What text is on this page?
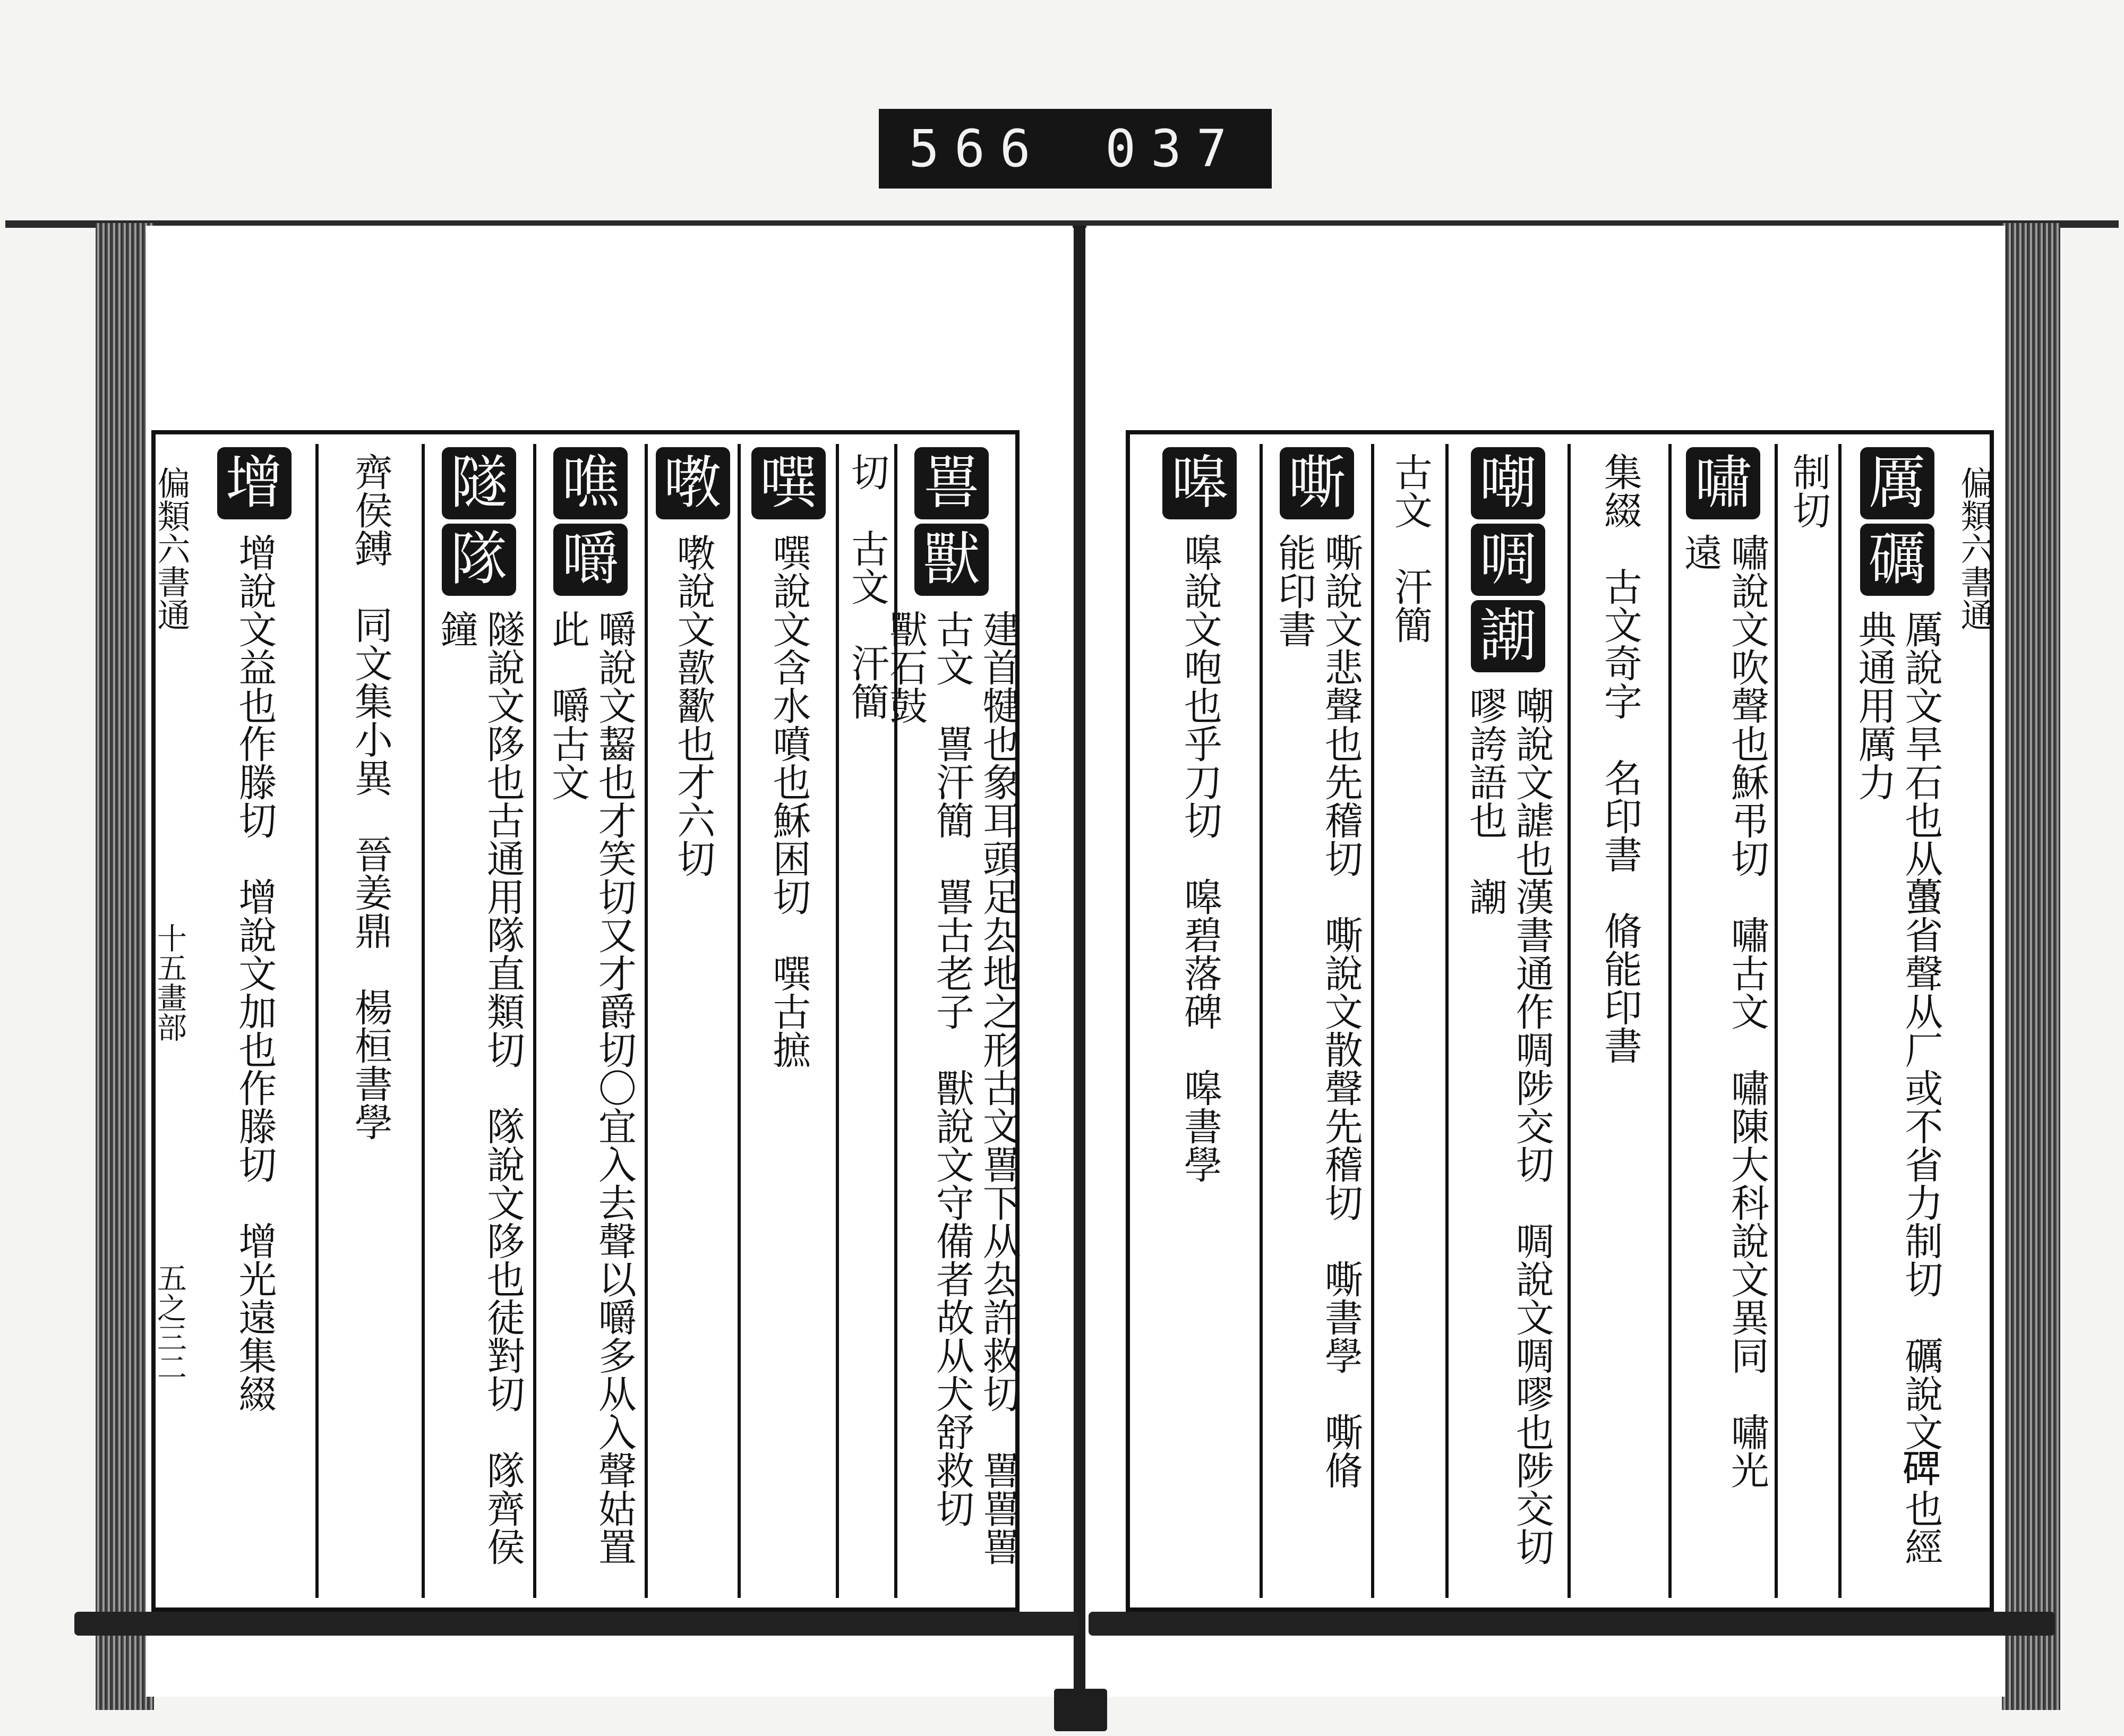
566 037
偏類六書通
十五畫部
五之三二
嘼
獸
建首犍也象耳頭足厹地之形古文嘼下从厹許救切　嘼嘼嘼古文　嘼汗簡　嘼古老子　獸說文守備者故从犬舒救切　獸石鼓
切　古文　汗簡
噀
噀說文含水噴也穌困切　噀古摭
嘋
嘋說文歖歠也才六切
噍
嚼
嚼說文齧也才笑切又才爵切〇宜入去聲以嚼多从入聲姑置此　嚼古文
隧
隊
隧說文陊也古通用隊直類切　隊說文陊也徒對切　隊齊侯鐘
齊侯鎛　同文集小異　晉姜鼎　楊桓書學
增
增說文益也作滕切　增說文加也作滕切　增光遠集綴	偏類六書通
厲
礪
厲說文旱石也从蠆省聲从厂或不省力制切　礪說文𥓓也經典通用厲力
制切
嘯
嘯說文吹聲也穌弔切　嘯古文　嘯陳大科說文異同　嘯光遠
集綴　古文奇字　名印書　脩能印書
嘲
啁
謿
嘲說文謔也漢書通作啁陟交切　啁說文啁嘐也陟交切嘐誇語也　謿
古文　汗簡
嘶
嘶說文悲聲也先稽切　嘶說文散聲先稽切　嘶書學　嘶脩能印書
嗥
嗥說文咆也乎刀切　嗥碧落碑　嗥書學
